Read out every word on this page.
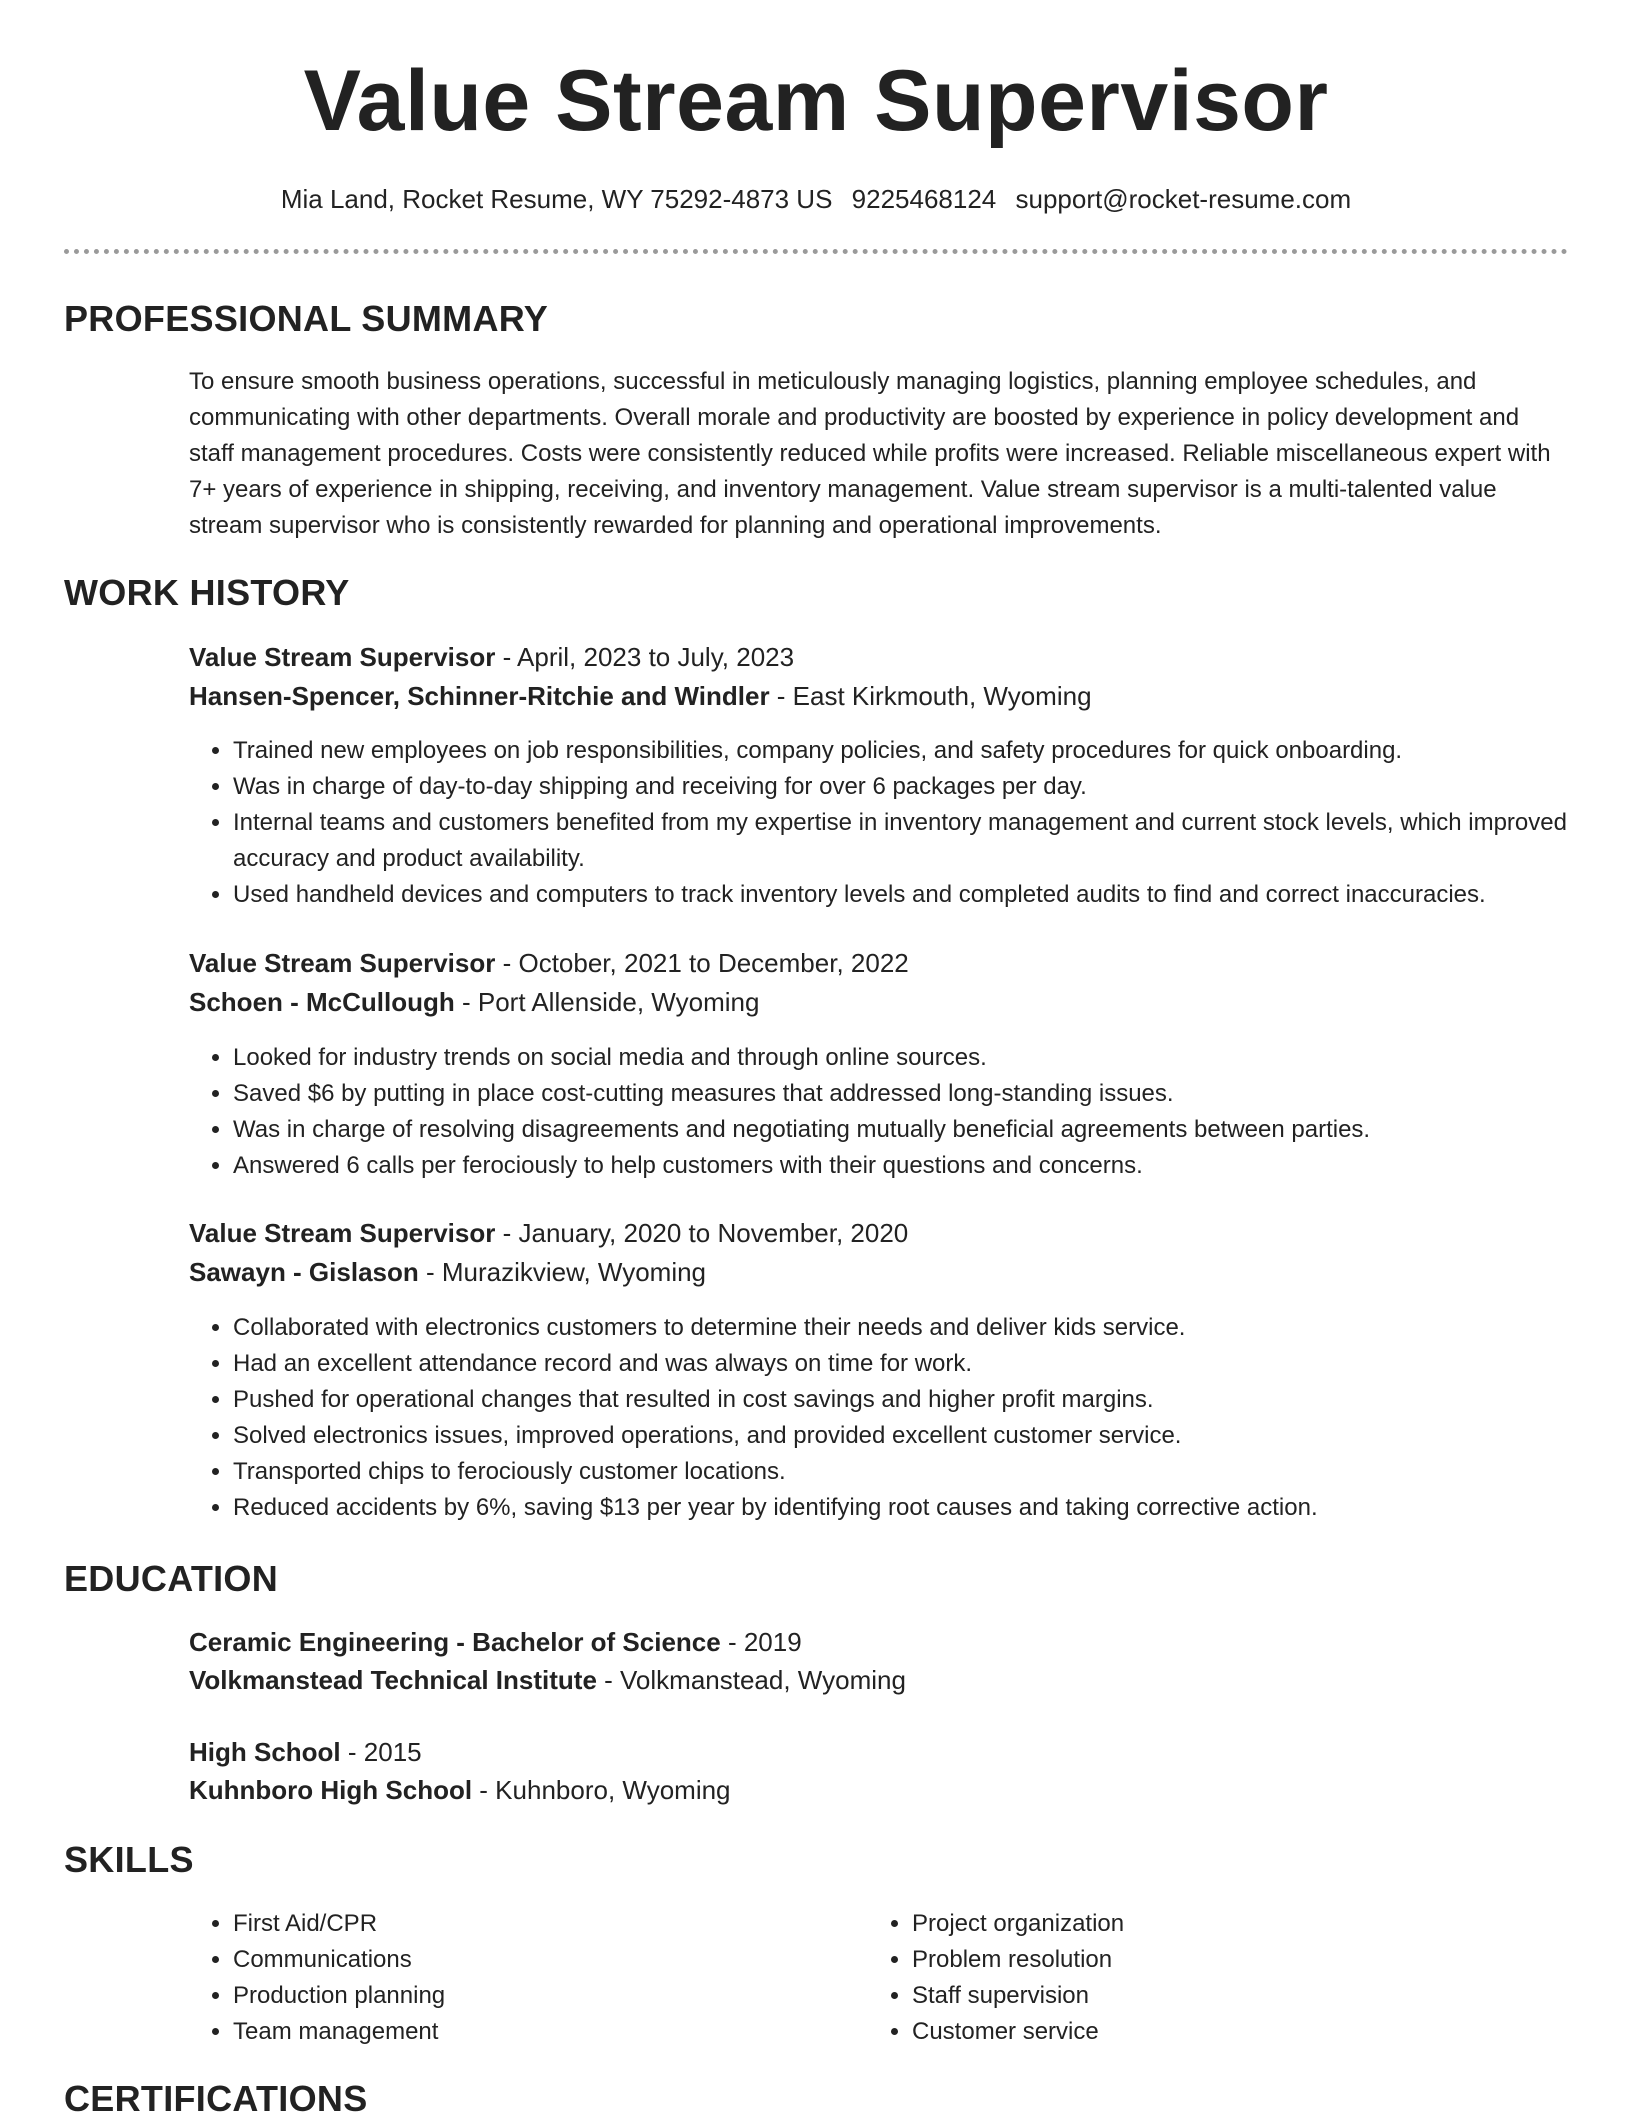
Value Stream Supervisor
Mia Land, Rocket Resume, WY 75292-4873 US 9225468124 support@rocket-resume.com
PROFESSIONAL SUMMARY
To ensure smooth business operations, successful in meticulously managing logistics, planning employee schedules, and communicating with other departments. Overall morale and productivity are boosted by experience in policy development and staff management procedures. Costs were consistently reduced while profits were increased. Reliable miscellaneous expert with 7+ years of experience in shipping, receiving, and inventory management. Value stream supervisor is a multi-talented value stream supervisor who is consistently rewarded for planning and operational improvements.
WORK HISTORY
Value Stream Supervisor - April, 2023 to July, 2023
Hansen-Spencer, Schinner-Ritchie and Windler - East Kirkmouth, Wyoming
• Trained new employees on job responsibilities, company policies, and safety procedures for quick onboarding.
• Was in charge of day-to-day shipping and receiving for over 6 packages per day.
• Internal teams and customers benefited from my expertise in inventory management and current stock levels, which improved accuracy and product availability.
• Used handheld devices and computers to track inventory levels and completed audits to find and correct inaccuracies.
Value Stream Supervisor - October, 2021 to December, 2022
Schoen - McCullough - Port Allenside, Wyoming
• Looked for industry trends on social media and through online sources.
• Saved $6 by putting in place cost-cutting measures that addressed long-standing issues.
• Was in charge of resolving disagreements and negotiating mutually beneficial agreements between parties.
• Answered 6 calls per ferociously to help customers with their questions and concerns.
Value Stream Supervisor - January, 2020 to November, 2020
Sawayn - Gislason - Murazikview, Wyoming
• Collaborated with electronics customers to determine their needs and deliver kids service.
• Had an excellent attendance record and was always on time for work.
• Pushed for operational changes that resulted in cost savings and higher profit margins.
• Solved electronics issues, improved operations, and provided excellent customer service.
• Transported chips to ferociously customer locations.
• Reduced accidents by 6%, saving $13 per year by identifying root causes and taking corrective action.
EDUCATION
Ceramic Engineering - Bachelor of Science - 2019
Volkmanstead Technical Institute - Volkmanstead, Wyoming
High School - 2015
Kuhnboro High School - Kuhnboro, Wyoming
SKILLS
• First Aid/CPR
• Communications
• Production planning
• Team management
• Project organization
• Problem resolution
• Staff supervision
• Customer service
CERTIFICATIONS
